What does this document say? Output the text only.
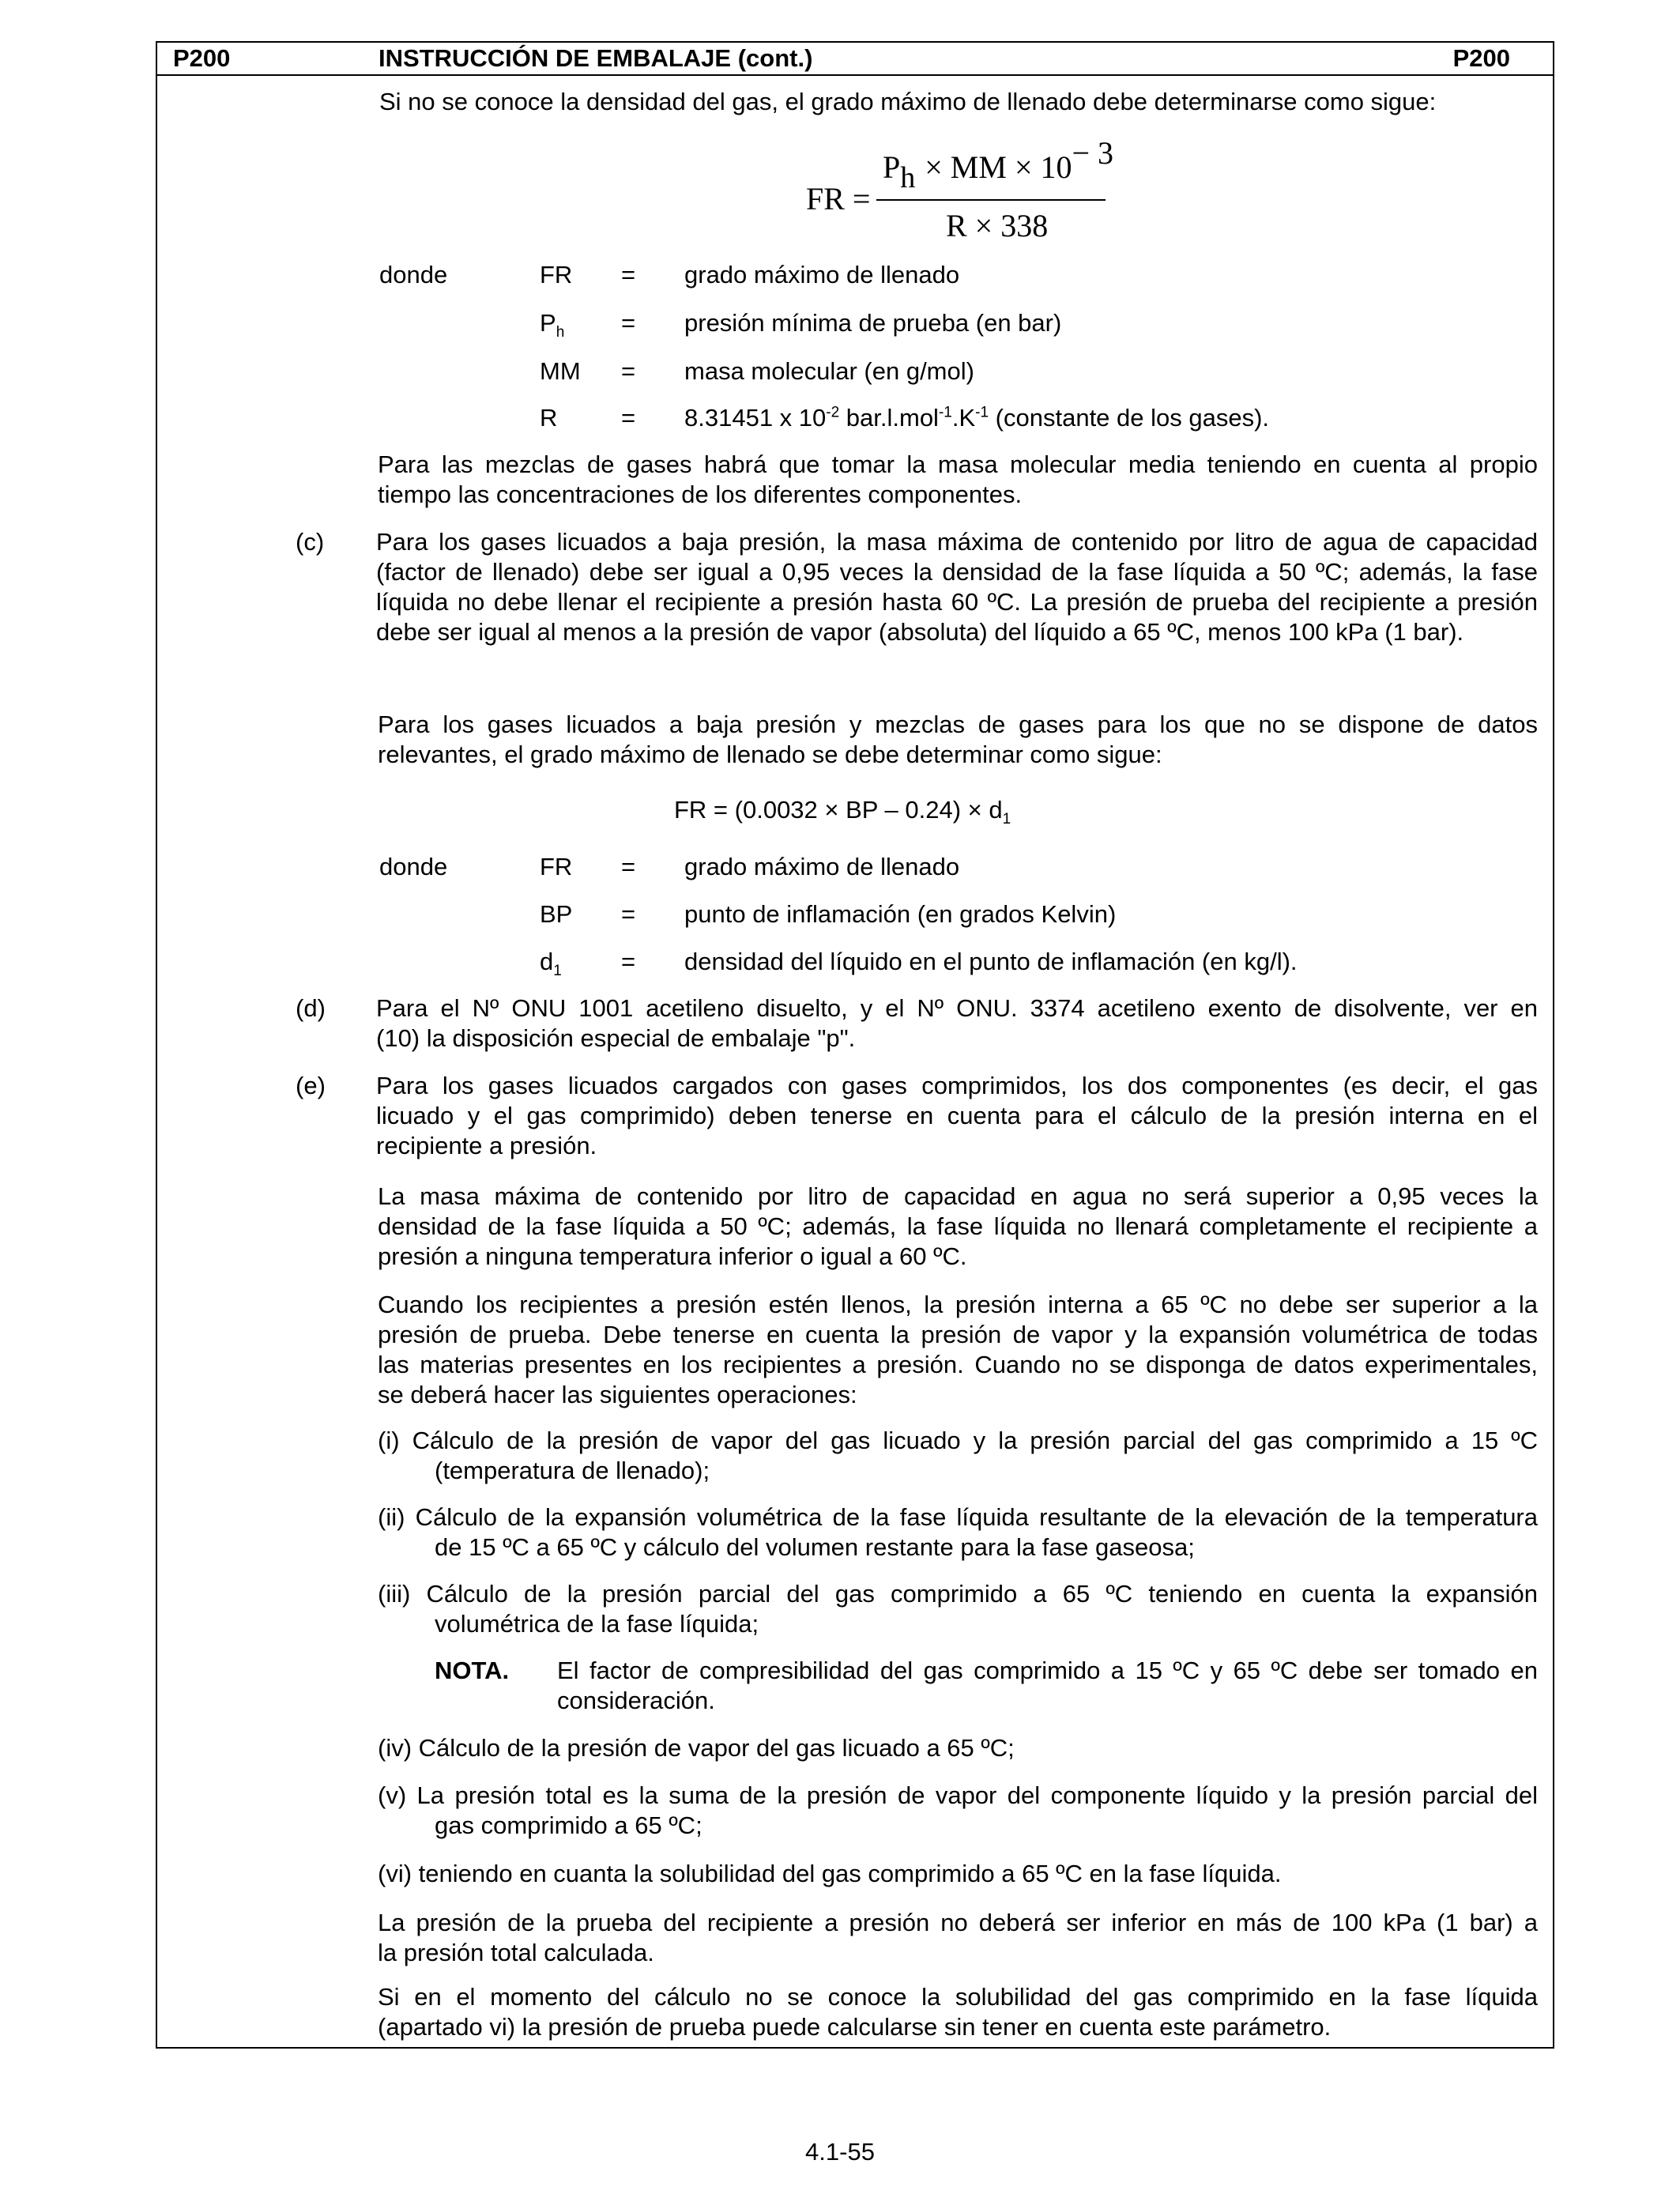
P200	INSTRUCCIÓN DE EMBALAJE (cont.)	P200
Si no se conoce la densidad del gas, el grado máximo de llenado debe determinarse como sigue:
FR =
Ph × MM × 10− 3
R × 338
donde	FR = grado máximo de llenado
$P_h$ = presión mínima de prueba (en bar)
MM = masa molecular (en g/mol)
R	= 8.31451 x $10^{-2}$ $bar.l.mol^{-1}.K^{-1}$ (constante de los gases).
Para las mezclas de gases habrá que tomar la masa molecular media teniendo en cuenta al propio
tiempo las concentraciones de los diferentes componentes.
(c) Para los gases licuados a baja presión, la masa máxima de contenido por litro de agua de capacidad
(factor de llenado) debe ser igual a 0,95 veces la densidad de la fase líquida a 50 ºC; además, la fase
líquida no debe llenar el recipiente a presión hasta 60 ºC. La presión de prueba del recipiente a presión
debe ser igual al menos a la presión de vapor (absoluta) del líquido a 65 ºC, menos 100 kPa (1 bar).
Para los gases licuados a baja presión y mezclas de gases para los que no se dispone de datos
relevantes, el grado máximo de llenado se debe determinar como sigue:
FR = (0.0032 × BP – $0.24) \times d_1$
donde	FR = grado máximo de llenado
BP = punto de inflamación (en grados Kelvin)
$d_1$ = densidad del líquido en el punto de inflamación (en kg/l).
(d) Para el Nº ONU 1001 acetileno disuelto, y el Nº ONU. 3374 acetileno exento de disolvente, ver en
(10) la disposición especial de embalaje "p".
(e) Para los gases licuados cargados con gases comprimidos, los dos componentes (es decir, el gas
licuado y el gas comprimido) deben tenerse en cuenta para el cálculo de la presión interna en el
recipiente a presión.
La masa máxima de contenido por litro de capacidad en agua no será superior a 0,95 veces la
densidad de la fase líquida a 50 ºC; además, la fase líquida no llenará completamente el recipiente a
presión a ninguna temperatura inferior o igual a 60 ºC.
Cuando los recipientes a presión estén llenos, la presión interna a 65 ºC no debe ser superior a la
presión de prueba. Debe tenerse en cuenta la presión de vapor y la expansión volumétrica de todas
las materias presentes en los recipientes a presión. Cuando no se disponga de datos experimentales,
se deberá hacer las siguientes operaciones:
(i) Cálculo de la presión de vapor del gas licuado y la presión parcial del gas comprimido a 15 ºC
(temperatura de llenado);
(ii) Cálculo de la expansión volumétrica de la fase líquida resultante de la elevación de la temperatura
de 15 ºC a 65 ºC y cálculo del volumen restante para la fase gaseosa;
(iii) Cálculo de la presión parcial del gas comprimido a 65 ºC teniendo en cuenta la expansión
volumétrica de la fase líquida;
NOTA. El factor de compresibilidad del gas comprimido a 15 ºC y 65 ºC debe ser tomado en
consideración.
(iv) Cálculo de la presión de vapor del gas licuado a 65 ºC;
(v) La presión total es la suma de la presión de vapor del componente líquido y la presión parcial del
gas comprimido a 65 ºC;
(vi) teniendo en cuanta la solubilidad del gas comprimido a 65 ºC en la fase líquida.
La presión de la prueba del recipiente a presión no deberá ser inferior en más de 100 kPa (1 bar) a
la presión total calculada.
Si en el momento del cálculo no se conoce la solubilidad del gas comprimido en la fase líquida
(apartado vi) la presión de prueba puede calcularse sin tener en cuenta este parámetro.
4.1-55
